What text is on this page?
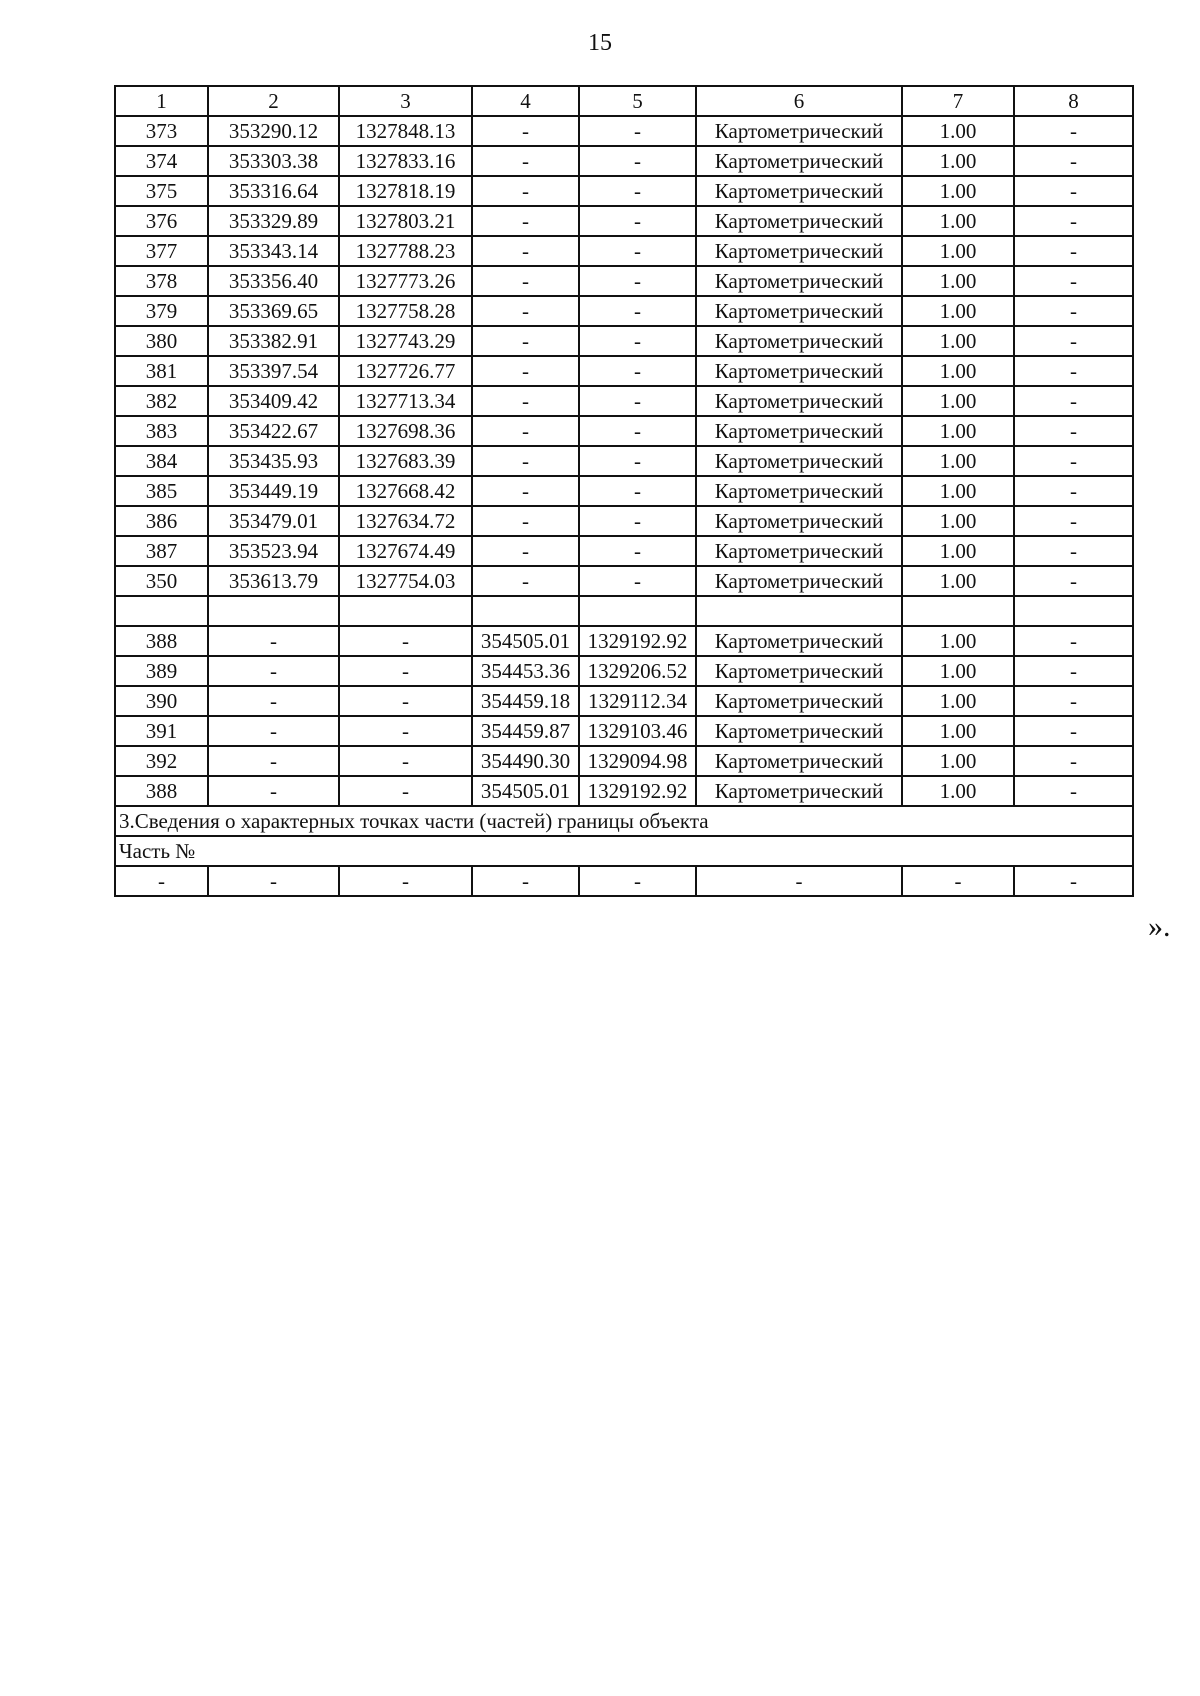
15
1	2	3	4	5	6	7	8
373	353290.12	1327848.13	-	-	Картометрический	1.00	-
374	353303.38	1327833.16	-	-	Картометрический	1.00	-
375	353316.64	1327818.19	-	-	Картометрический	1.00	-
376	353329.89	1327803.21	-	-	Картометрический	1.00	-
377	353343.14	1327788.23	-	-	Картометрический	1.00	-
378	353356.40	1327773.26	-	-	Картометрический	1.00	-
379	353369.65	1327758.28	-	-	Картометрический	1.00	-
380	353382.91	1327743.29	-	-	Картометрический	1.00	-
381	353397.54	1327726.77	-	-	Картометрический	1.00	-
382	353409.42	1327713.34	-	-	Картометрический	1.00	-
383	353422.67	1327698.36	-	-	Картометрический	1.00	-
384	353435.93	1327683.39	-	-	Картометрический	1.00	-
385	353449.19	1327668.42	-	-	Картометрический	1.00	-
386	353479.01	1327634.72	-	-	Картометрический	1.00	-
387	353523.94	1327674.49	-	-	Картометрический	1.00	-
350	353613.79	1327754.03	-	-	Картометрический	1.00	-

388	-	-	354505.01	1329192.92	Картометрический	1.00	-
389	-	-	354453.36	1329206.52	Картометрический	1.00	-
390	-	-	354459.18	1329112.34	Картометрический	1.00	-
391	-	-	354459.87	1329103.46	Картометрический	1.00	-
392	-	-	354490.30	1329094.98	Картометрический	1.00	-
388	-	-	354505.01	1329192.92	Картометрический	1.00	-
3.Сведения о характерных точках части (частей) границы объекта							
Часть №							
-	-	-	-	-	-	-	-
».
